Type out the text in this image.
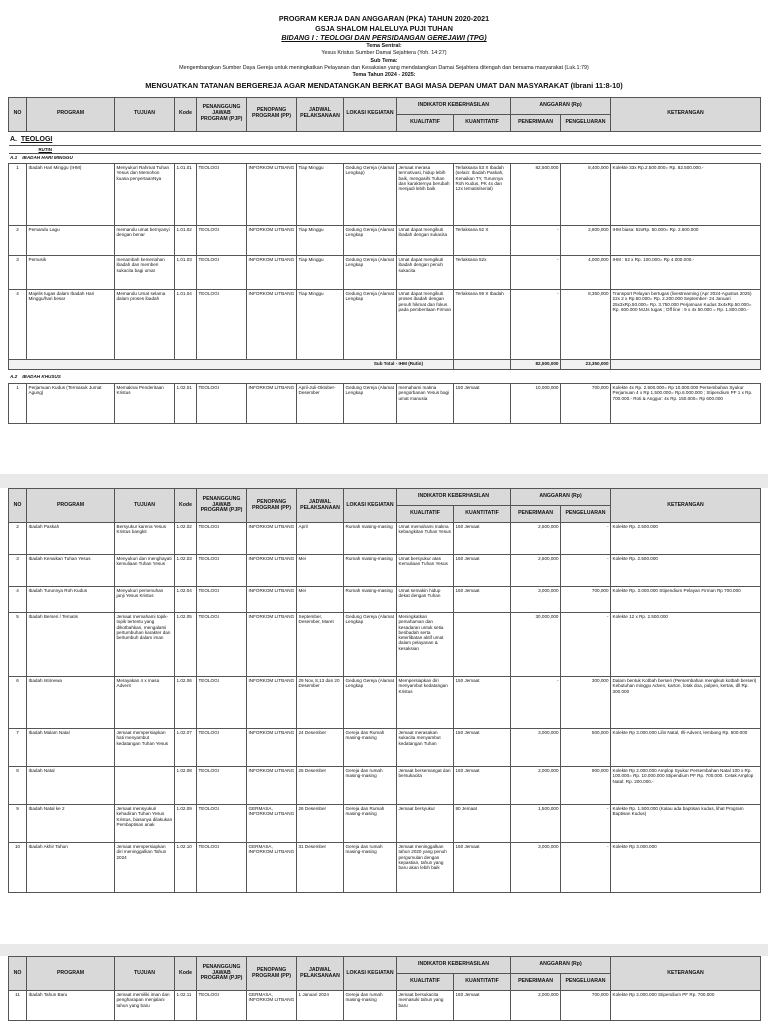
PROGRAM KERJA DAN ANGGARAN (PKA) TAHUN 2020-2021
GSJA SHALOM HALELUYA PUJI TUHAN
BIDANG I : TEOLOGI DAN PERSIDANGAN GEREJAWI (TPG)
Tema Sentral:
Yesus Kristus Sumber Damai Sejahtera (Yoh. 14:27)
Sub Tema:
Mengembangkan Sumber Daya Gereja untuk meningkatkan Pelayanan dan Kesaksian yang mendatangkan Damai Sejahtera ditengah dan bersama masyarakat (Luk.1:79)
Tema Tahun 2024 - 2025:
MENGUATKAN TATANAN BERGEREJA AGAR MENDATANGKAN BERKAT BAGI MASA DEPAN UMAT DAN MASYARAKAT (Ibrani 11:8-10)
NO	PROGRAM	TUJUAN	Kode	PENANGGUNG JAWAB PROGRAM (PJP)	PENOPANG PROGRAM (PP)	JADWAL PELAKSANAAN	LOKASI KEGIATAN	INDIKATOR KEBERHASILAN		ANGGARAN (Rp)		KETERANGAN
								KUALITATIF	KUANTITATIF	PENERIMAAN	PENGELUARAN	
A. TEOLOGI												
RUTIN												
A.1 IBADAH HARI MINGGU												
1	Ibadah Hari Minggu (IHM)	Menyukuri Rahmat Tuhan Yesus dan Memohon kuasa penyertaanNya	1.01.01	TEOLOGI	INFORKOM LITBANG	Tiap Minggu	Gedung Gereja (Alamat Lengkap)	Jemaat merasa termotivasi, hidup lebih baik, mengasihi Tuhan dan karakternya berubah menjadi lebih baik	Terlaksana 53 X Ibadah (selain: Ibadah Paskah, Kenaikan TY, Turunnya Roh Kudus, PK 4x dan 12x tematis/serial)	82,500,000	8,400,000	Kolekte 33x Rp.2.500.000= Rp. 82.500.000.-
2	Pemandu Lagu	memandu umat bernyanyi dengan benar	1.01.02	TEOLOGI	INFORKOM LITBANG	Tiap Minggu	Gedung Gereja (Alamat Lengkap	Umat dapat mengikuti ibadah dengan sukacita	Terlaksana 52 X	-	2,600,000	IHM biasa: 52xRp. 50.000= Rp. 2.600.000
3	Pemusik	menambah kemeriahan ibadah dan memberi sukacita bagi umat	1.01.03	TEOLOGI	INFORKOM LITBANG	Tiap Minggu	Gedung Gereja (Alamat Lengkap	Umat dapat mengikuti ibadah dengan penuh sukacita	Terlaksana 52x	-	4,000,000	IHM : 52 x Rp. 100.000= Rp 4.000.000.-
4	Majelis tugas dalam Ibadah Hari Minggu/hari besar	Memandu Umat selama dalam proses ibadah	1.01.04	TEOLOGI	INFORKOM LITBANG	Tiap Minggu	Gedung Gereja (Alamat Lengkap	Umat dapat mengikuti proses ibadah dengan penuh hikmat dan fokus pada pemberitaan Firman	Terlaksana 59 X Ibadah	-	8,350,000	Transport Pelayan bertugas (livestreaming (Apr 2024-Agustus 2025) 22x 2 x Rp.50.000= Rp. 2.200.000 September- 24 Januari 25x3xRp.50.000= Rp. 3.750.000 Perjamuan Kudus 3x4xRp.50.000= Rp. 600.000 MJJs tugas ; Off line : 9 x 4x 50.000 = Rp. 1.800.000.-
Sub Total - IHM (Rutin)										82,500,000	23,350,000	
A.2 IBADAH KHUSUS												
1	Perjamuan Kudus (Termasuk Jumat Agung)	Memaknai Penderitaan Kristus	1.02.01	TEOLOGI	INFORKOM LITBANG	April-Juli-Oktober-Desember	Gedung Gereja (Alamat Lengkap	memahami makna pengorbanan Yesus bagi umat manusia	150 Jemaat	10,000,000	700,000	Kolekte 4x Rp. 2.500.000= Rp 10.000.000 Persembahan Syukur Perjamuan 4 x Rp 1.500.000= Rp.6.000.000 ; Stipendium PF 1 x Rp. 700.000.- Roti & Anggur: 4x Rp. 150.000= Rp 600.000
NO	PROGRAM	TUJUAN	Kode	PENANGGUNG JAWAB PROGRAM (PJP)	PENOPANG PROGRAM (PP)	JADWAL PELAKSANAAN	LOKASI KEGIATAN	INDIKATOR KEBERHASILAN		ANGGARAN (Rp)		KETERANGAN
								KUALITATIF	KUANTITATIF	PENERIMAAN	PENGELUARAN	
2	Ibadah Paskah	Bersyukur karena Yesus Kristus bangkit	1.02.02	TEOLOGI	INFORKOM LITBANG	April	Rumah masing-masing	Umat memahami makna kebangkitan Tuhan Yesus	150 Jemaat	2,500,000	-	Kolekte Rp. 2.500.000
3	Ibadah Kenaikan Tuhan Yesus	Menyukuri dan menghayati kemuliaan Tuhan Yesus	1.02.03	TEOLOGI	INFORKOM LITBANG	Mei	Rumah masing-masing	Umat bersyukur atas Kemuliaan Tuhan Yesus	150 Jemaat	2,500,000	-	Kolekte Rp. 2.500.000
4	Ibadah Turunnya Roh Kudus	Menyukuri pemenuhan janji Yesus Kristus	1.02.04	TEOLOGI	INFORKOM LITBANG	Mei	Rumah masing-masing	Umat semakin hidup dekat dengan Tuhan	150 Jemaat	3,000,000	700,000	Kolekte Rp. 3.000.000 Stipendium Pelayan Firman Rp 700.000
5	Ibadah Berseri / Tematis	Jemaat memahami topik-topik tertentu yang dikotbahkan, mengalami pertumbuhan karakter dan bertumbuh dalam iman	1.02.05	TEOLOGI	INFORKOM LITBANG	September, Desember, Maret	Gedung Gereja (Alamat Lengkap	Meningkatkan pemahaman dan kesadaran untuk setia beribadah serta keterlibatan aktif umat dalam pelayanan & kesaksian		30,000,000	-	Kolekte 12 x Rp. 2.500.000
6	Ibadah Istimewa	Merayakan 4 x masa Advent	1.02.06	TEOLOGI	INFORKOM LITBANG	29 Nov, 8,13 dan 20 Desember	Gedung Gereja (Alamat Lengkap	Mempersiapkan diri menyambut kedatangan Kristus	150 Jemaat	-	300,000	Dalam bentuk Kotbah berseri (Persembahan mengikuti kotbah berseri) Kebutuhan minggu Adven, karton, lotak doa, pulpen, kertas, dll Rp. 300.000
7	Ibadah Malam Natal	Jemaat mempersiapkan hati menyambut kedatangan Tuhan Yesus	1.02.07	TEOLOGI	INFORKOM LITBANG	24 Desember	Gereja dan Rumah masing-masing	Jemaat merasakan sukacita menyambut kedatangan Tuhan	150 Jemaat	3,000,000	500,000	Kolekte Rp 3.000.000 Lilin Natal, Illi-Advent, lembang Rp. 500.000
8	Ibadah Natal		1.02.08	TEOLOGI	INFORKOM LITBANG	25 Desember	Gereja dan rumah masing-masing	Jemaat bersemangat dan bersukacita	150 Jemaat	2,000,000	900,000	Kolekte Rp 2.000.000 Amplop Syukur Persembahan Natal 100 x Rp. 100.000= Rp. 10.000.000 Stipendium PF Rp. 700.000. Cetak Amplop Natal: Rp. 200.000.-
9	Ibadah Natal ke 2	Jemaat mensyukuri kehadiran Tuhan Yesus Kristus, biasanya dilakukan Pembaptisan anak	1.02.09	TEOLOGI	GERMASA, INFORKOM LITBANG	26 Desember	Gereja dan Rumah masing-masing	Jemaat bersyukur	80 Jemaat	1,500,000	-	Kolekte Rp. 1.500.000 (Kalau ada baptisan kudus, lihat Program Baptisan Kudus)
10	Ibadah Akhir Tahun	Jemaat mempersiapkan diri meninggalkan Tahun 2024	1.02.10	TEOLOGI	GERMASA, INFORKOM LITBANG	31 Desember	Gereja dan rumah masing-masing	Jemaat meninggalkan tahun 2020 yang penuh pergumulan dengan kepastian, tahun yang baru akan lebih baik	150 Jemaat	3,000,000	-	Kolekte Rp 3.000.000
NO	PROGRAM	TUJUAN	Kode	PENANGGUNG JAWAB PROGRAM (PJP)	PENOPANG PROGRAM (PP)	JADWAL PELAKSANAAN	LOKASI KEGIATAN	INDIKATOR KEBERHASILAN		ANGGARAN (Rp)		KETERANGAN
								KUALITATIF	KUANTITATIF	PENERIMAAN	PENGELUARAN	
11	Ibadah Tahun Baru	Jemaat memiliki iman dan pengharapan menjalani tahun yang baru	1.02.11	TEOLOGI	GERMASA, INFORKOM LITBANG	1 Januari 2024	Gereja dan rumah masing-masing	Jemaat bersukacita memasuki tahun yang baru	150 Jemaat	2,000,000	700,000	Kolekte Rp 2.000.000 Stipendium PF Rp. 700.000
